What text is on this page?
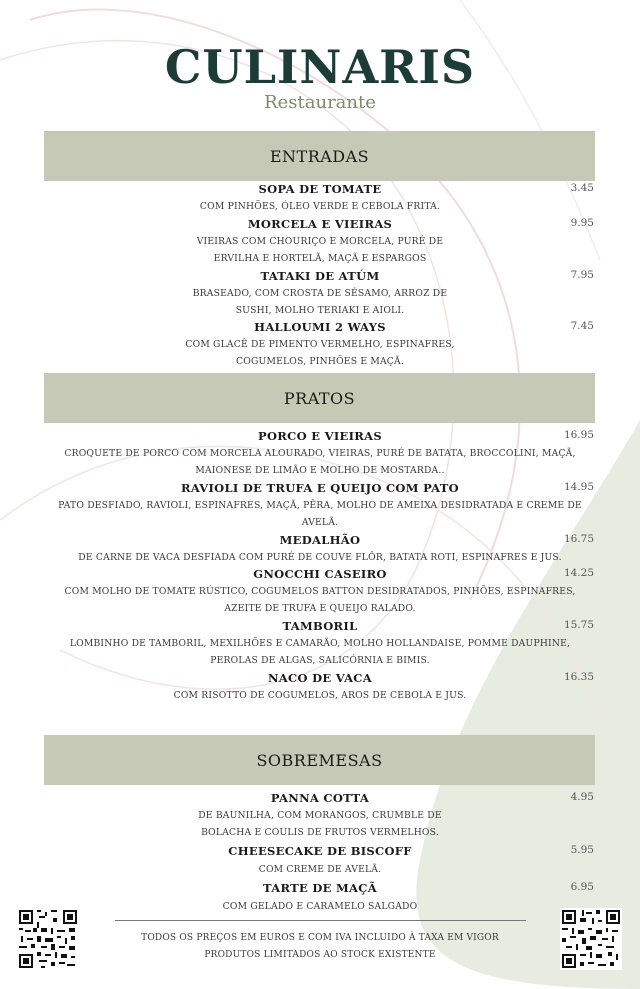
CULINARIS
Restaurante
ENTRADAS
SOPA DE TOMATE	3.45
COM PINHÕES, ÓLEO VERDE E CEBOLA FRITA.
MORCELA E VIEIRAS	9.95
VIEIRAS COM CHOURIÇO E MORCELA, PURÉ DE
ERVILHA E HORTELÃ, MAÇÃ E ESPARGOS
TATAKI DE ATÚM	7.95
BRASEADO, COM CROSTA DE SÉSAMO, ARROZ DE
SUSHI, MOLHO TERIAKI E AIOLI.
HALLOUMI 2 WAYS	7.45
COM GLACÊ DE PIMENTO VERMELHO, ESPINAFRES,
COGUMELOS, PINHÕES E MAÇÃ.
PRATOS
PORCO E VIEIRAS	16.95
CROQUETE DE PORCO COM MORCELA ALOURADO, VIEIRAS, PURÉ DE BATATA, BROCCOLINI, MAÇÃ,
MAIONESE DE LIMÃO E MOLHO DE MOSTARDA..
RAVIOLI DE TRUFA E QUEIJO COM PATO	14.95
PATO DESFIADO, RAVIOLI, ESPINAFRES, MAÇÃ, PÊRA, MOLHO DE AMEIXA DESIDRATADA E CREME DE
AVELÃ.
MEDALHÃO	16.75
DE CARNE DE VACA DESFIADA COM PURÉ DE COUVE FLÔR, BATATA ROTI, ESPINAFRES E JUS.
GNOCCHI CASEIRO	14.25
COM MOLHO DE TOMATE RÚSTICO, COGUMELOS BATTON DESIDRATADOS, PINHÕES, ESPINAFRES,
AZEITE DE TRUFA E QUEIJO RALADO.
TAMBORIL	15.75
LOMBINHO DE TAMBORIL, MEXILHÕES E CAMARÃO, MOLHO HOLLANDAISE, POMME DAUPHINE,
PEROLAS DE ALGAS, SALICÓRNIA E BIMIS.
NACO DE VACA	16.35
COM RISOTTO DE COGUMELOS, AROS DE CEBOLA E JUS.
SOBREMESAS
PANNA COTTA	4.95
DE BAUNILHA, COM MORANGOS, CRUMBLE DE
BOLACHA E COULIS DE FRUTOS VERMELHOS.
CHEESECAKE DE BISCOFF	5.95
COM CREME DE AVELÃ.
TARTE DE MAÇÃ	6.95
COM GELADO E CARAMELO SALGADO
TODOS OS PREÇOS EM EUROS E COM IVA INCLUIDO À TAXA EM VIGOR
PRODUTOS LIMITADOS AO STOCK EXISTENTE
